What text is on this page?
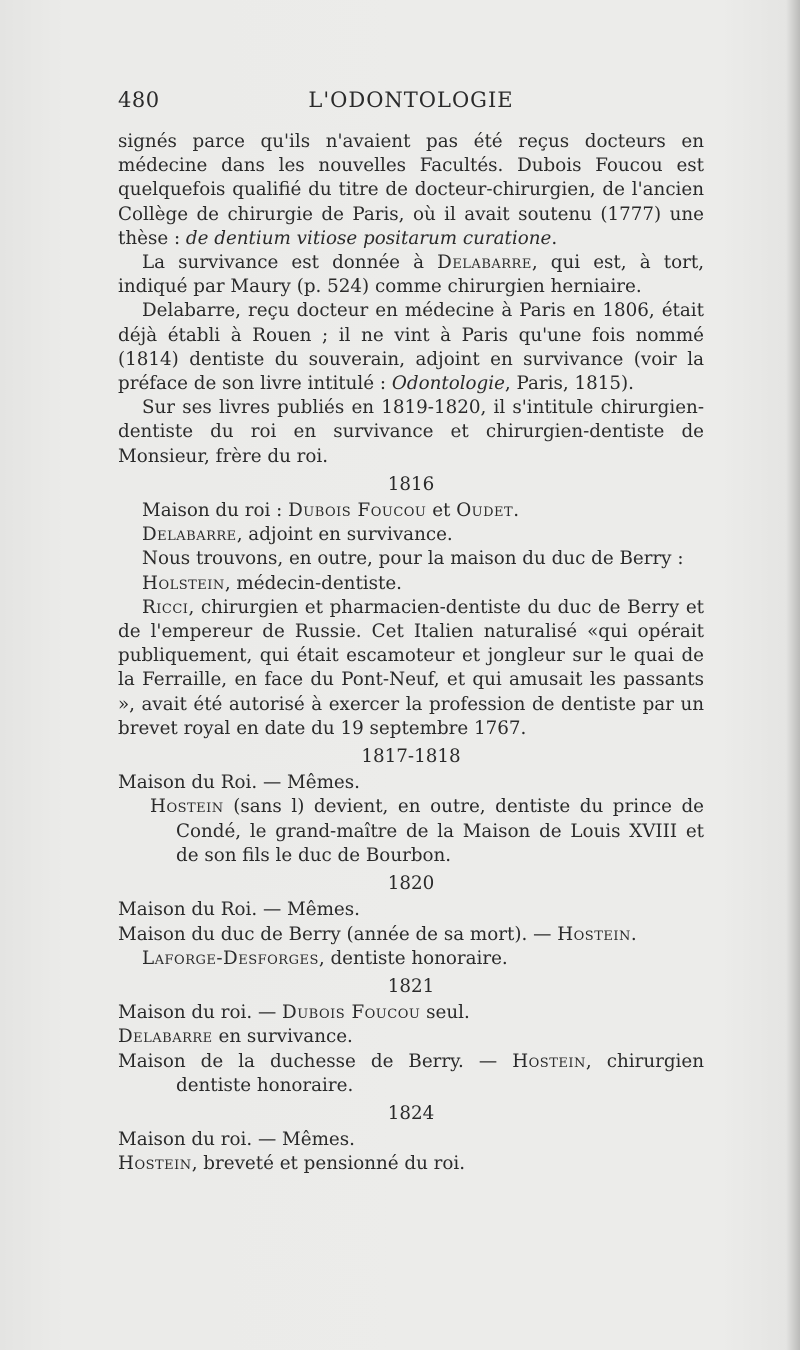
480	L'ODONTOLOGIE

signés parce qu'ils n'avaient pas été reçus docteurs en médecine dans les nouvelles Facultés. Dubois Foucou est quelquefois qualifié du titre de docteur-chirurgien, de l'ancien Collège de chirurgie de Paris, où il avait soutenu (1777) une thèse : de dentium vitiose positarum curatione.

La survivance est donnée à Delabarre, qui est, à tort, indiqué par Maury (p. 524) comme chirurgien herniaire.

Delabarre, reçu docteur en médecine à Paris en 1806, était déjà établi à Rouen ; il ne vint à Paris qu'une fois nommé (1814) dentiste du souverain, adjoint en survivance (voir la préface de son livre intitulé : Odontologie, Paris, 1815).

Sur ses livres publiés en 1819-1820, il s'intitule chirurgien-dentiste du roi en survivance et chirurgien-dentiste de Monsieur, frère du roi.

1816

Maison du roi : Dubois Foucou et Oudet.

Delabarre, adjoint en survivance.

Nous trouvons, en outre, pour la maison du duc de Berry :

Holstein, médecin-dentiste.

Ricci, chirurgien et pharmacien-dentiste du duc de Berry et de l'empereur de Russie. Cet Italien naturalisé «qui opérait publiquement, qui était escamoteur et jongleur sur le quai de la Ferraille, en face du Pont-Neuf, et qui amusait les passants », avait été autorisé à exercer la profession de dentiste par un brevet royal en date du 19 septembre 1767.

1817-1818

Maison du Roi. — Mêmes.

Hostein (sans l) devient, en outre, dentiste du prince de Condé, le grand-maître de la Maison de Louis XVIII et de son fils le duc de Bourbon.

1820

Maison du Roi. — Mêmes.

Maison du duc de Berry (année de sa mort). — Hostein.

Laforge-Desforges, dentiste honoraire.

1821

Maison du roi. — Dubois Foucou seul.

Delabarre en survivance.

Maison de la duchesse de Berry. — Hostein, chirurgien dentiste honoraire.

1824

Maison du roi. — Mêmes.

Hostein, breveté et pensionné du roi.
